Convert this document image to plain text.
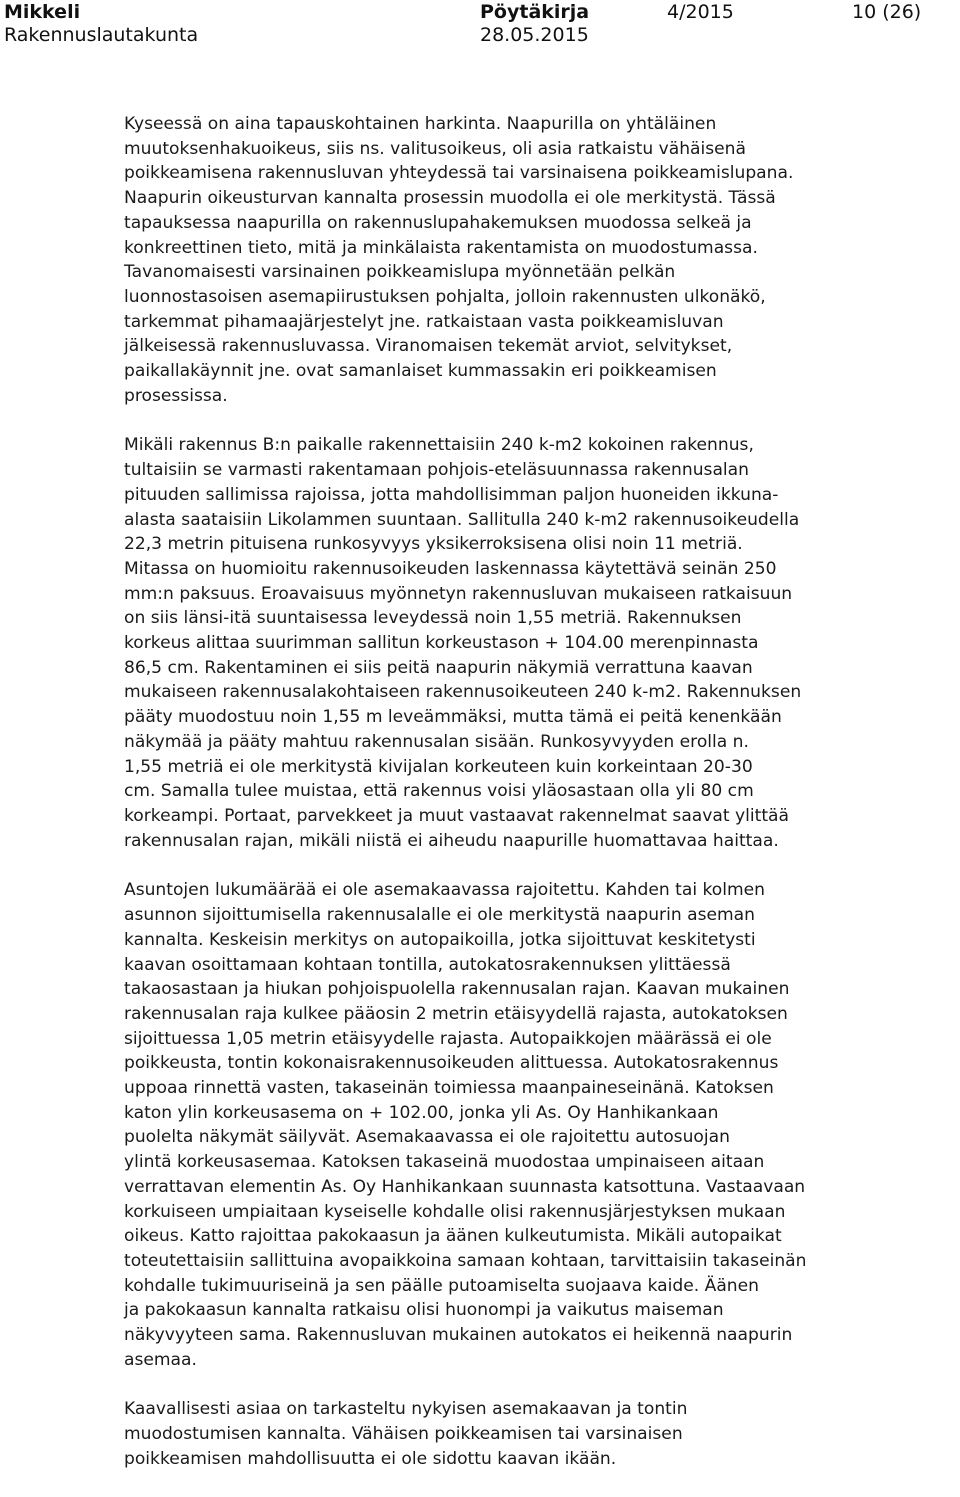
Mikkeli
Rakennuslautakunta
Pöytäkirja
28.05.2015
4/2015	10 (26)

Kyseessä on aina tapauskohtainen harkinta. Naapurilla on yhtäläinen
muutoksenhakuoikeus, siis ns. valitusoikeus, oli asia ratkaistu vähäisenä
poikkeamisena rakennusluvan yhteydessä tai varsinaisena poikkeamislupana.
Naapurin oikeusturvan kannalta prosessin muodolla ei ole merkitystä. Tässä
tapauksessa naapurilla on rakennuslupahakemuksen muodossa selkeä ja
konkreettinen tieto, mitä ja minkälaista rakentamista on muodostumassa.
Tavanomaisesti varsinainen poikkeamislupa myönnetään pelkän
luonnostasoisen asemapiirustuksen pohjalta, jolloin rakennusten ulkonäkö,
tarkemmat pihamaajärjestelyt jne. ratkaistaan vasta poikkeamisluvan
jälkeisessä rakennusluvassa. Viranomaisen tekemät arviot, selvitykset,
paikallakäynnit jne. ovat samanlaiset kummassakin eri poikkeamisen
prosessissa.

Mikäli rakennus B:n paikalle rakennettaisiin 240 k-m2 kokoinen rakennus,
tultaisiin se varmasti rakentamaan pohjois-eteläsuunnassa rakennusalan
pituuden sallimissa rajoissa, jotta mahdollisimman paljon huoneiden ikkuna-
alasta saataisiin Likolammen suuntaan. Sallitulla 240 k-m2 rakennusoikeudella
22,3 metrin pituisena runkosyvyys yksikerroksisena olisi noin 11 metriä.
Mitassa on huomioitu rakennusoikeuden laskennassa käytettävä seinän 250
mm:n paksuus. Eroavaisuus myönnetyn rakennusluvan mukaiseen ratkaisuun
on siis länsi-itä suuntaisessa leveydessä noin 1,55 metriä. Rakennuksen
korkeus alittaa suurimman sallitun korkeustason + 104.00 merenpinnasta
86,5 cm. Rakentaminen ei siis peitä naapurin näkymiä verrattuna kaavan
mukaiseen rakennusalakohtaiseen rakennusoikeuteen 240 k-m2. Rakennuksen
pääty muodostuu noin 1,55 m leveämmäksi, mutta tämä ei peitä kenenkään
näkymää ja pääty mahtuu rakennusalan sisään. Runkosyvyyden erolla n.
1,55 metriä ei ole merkitystä kivijalan korkeuteen kuin korkeintaan 20-30
cm. Samalla tulee muistaa, että rakennus voisi yläosastaan olla yli 80 cm
korkeampi. Portaat, parvekkeet ja muut vastaavat rakennelmat saavat ylittää
rakennusalan rajan, mikäli niistä ei aiheudu naapurille huomattavaa haittaa.

Asuntojen lukumäärää ei ole asemakaavassa rajoitettu. Kahden tai kolmen
asunnon sijoittumisella rakennusalalle ei ole merkitystä naapurin aseman
kannalta. Keskeisin merkitys on autopaikoilla, jotka sijoittuvat keskitetysti
kaavan osoittamaan kohtaan tontilla, autokatosrakennuksen ylittäessä
takaosastaan ja hiukan pohjoispuolella rakennusalan rajan. Kaavan mukainen
rakennusalan raja kulkee pääosin 2 metrin etäisyydellä rajasta, autokatoksen
sijoittuessa 1,05 metrin etäisyydelle rajasta. Autopaikkojen määrässä ei ole
poikkeusta, tontin kokonaisrakennusoikeuden alittuessa. Autokatosrakennus
uppoaa rinnettä vasten, takaseinän toimiessa maanpaineseinänä. Katoksen
katon ylin korkeusasema on + 102.00, jonka yli As. Oy Hanhikankaan
puolelta näkymät säilyvät. Asemakaavassa ei ole rajoitettu autosuojan
ylintä korkeusasemaa. Katoksen takaseinä muodostaa umpinaiseen aitaan
verrattavan elementin As. Oy Hanhikankaan suunnasta katsottuna. Vastaavaan
korkuiseen umpiaitaan kyseiselle kohdalle olisi rakennusjärjestyksen mukaan
oikeus. Katto rajoittaa pakokaasun ja äänen kulkeutumista. Mikäli autopaikat
toteutettaisiin sallittuina avopaikkoina samaan kohtaan, tarvittaisiin takaseinän
kohdalle tukimuuriseinä ja sen päälle putoamiselta suojaava kaide. Äänen
ja pakokaasun kannalta ratkaisu olisi huonompi ja vaikutus maiseman
näkyvyyteen sama. Rakennusluvan mukainen autokatos ei heikennä naapurin
asemaa.

Kaavallisesti asiaa on tarkasteltu nykyisen asemakaavan ja tontin
muodostumisen kannalta. Vähäisen poikkeamisen tai varsinaisen
poikkeamisen mahdollisuutta ei ole sidottu kaavan ikään.
